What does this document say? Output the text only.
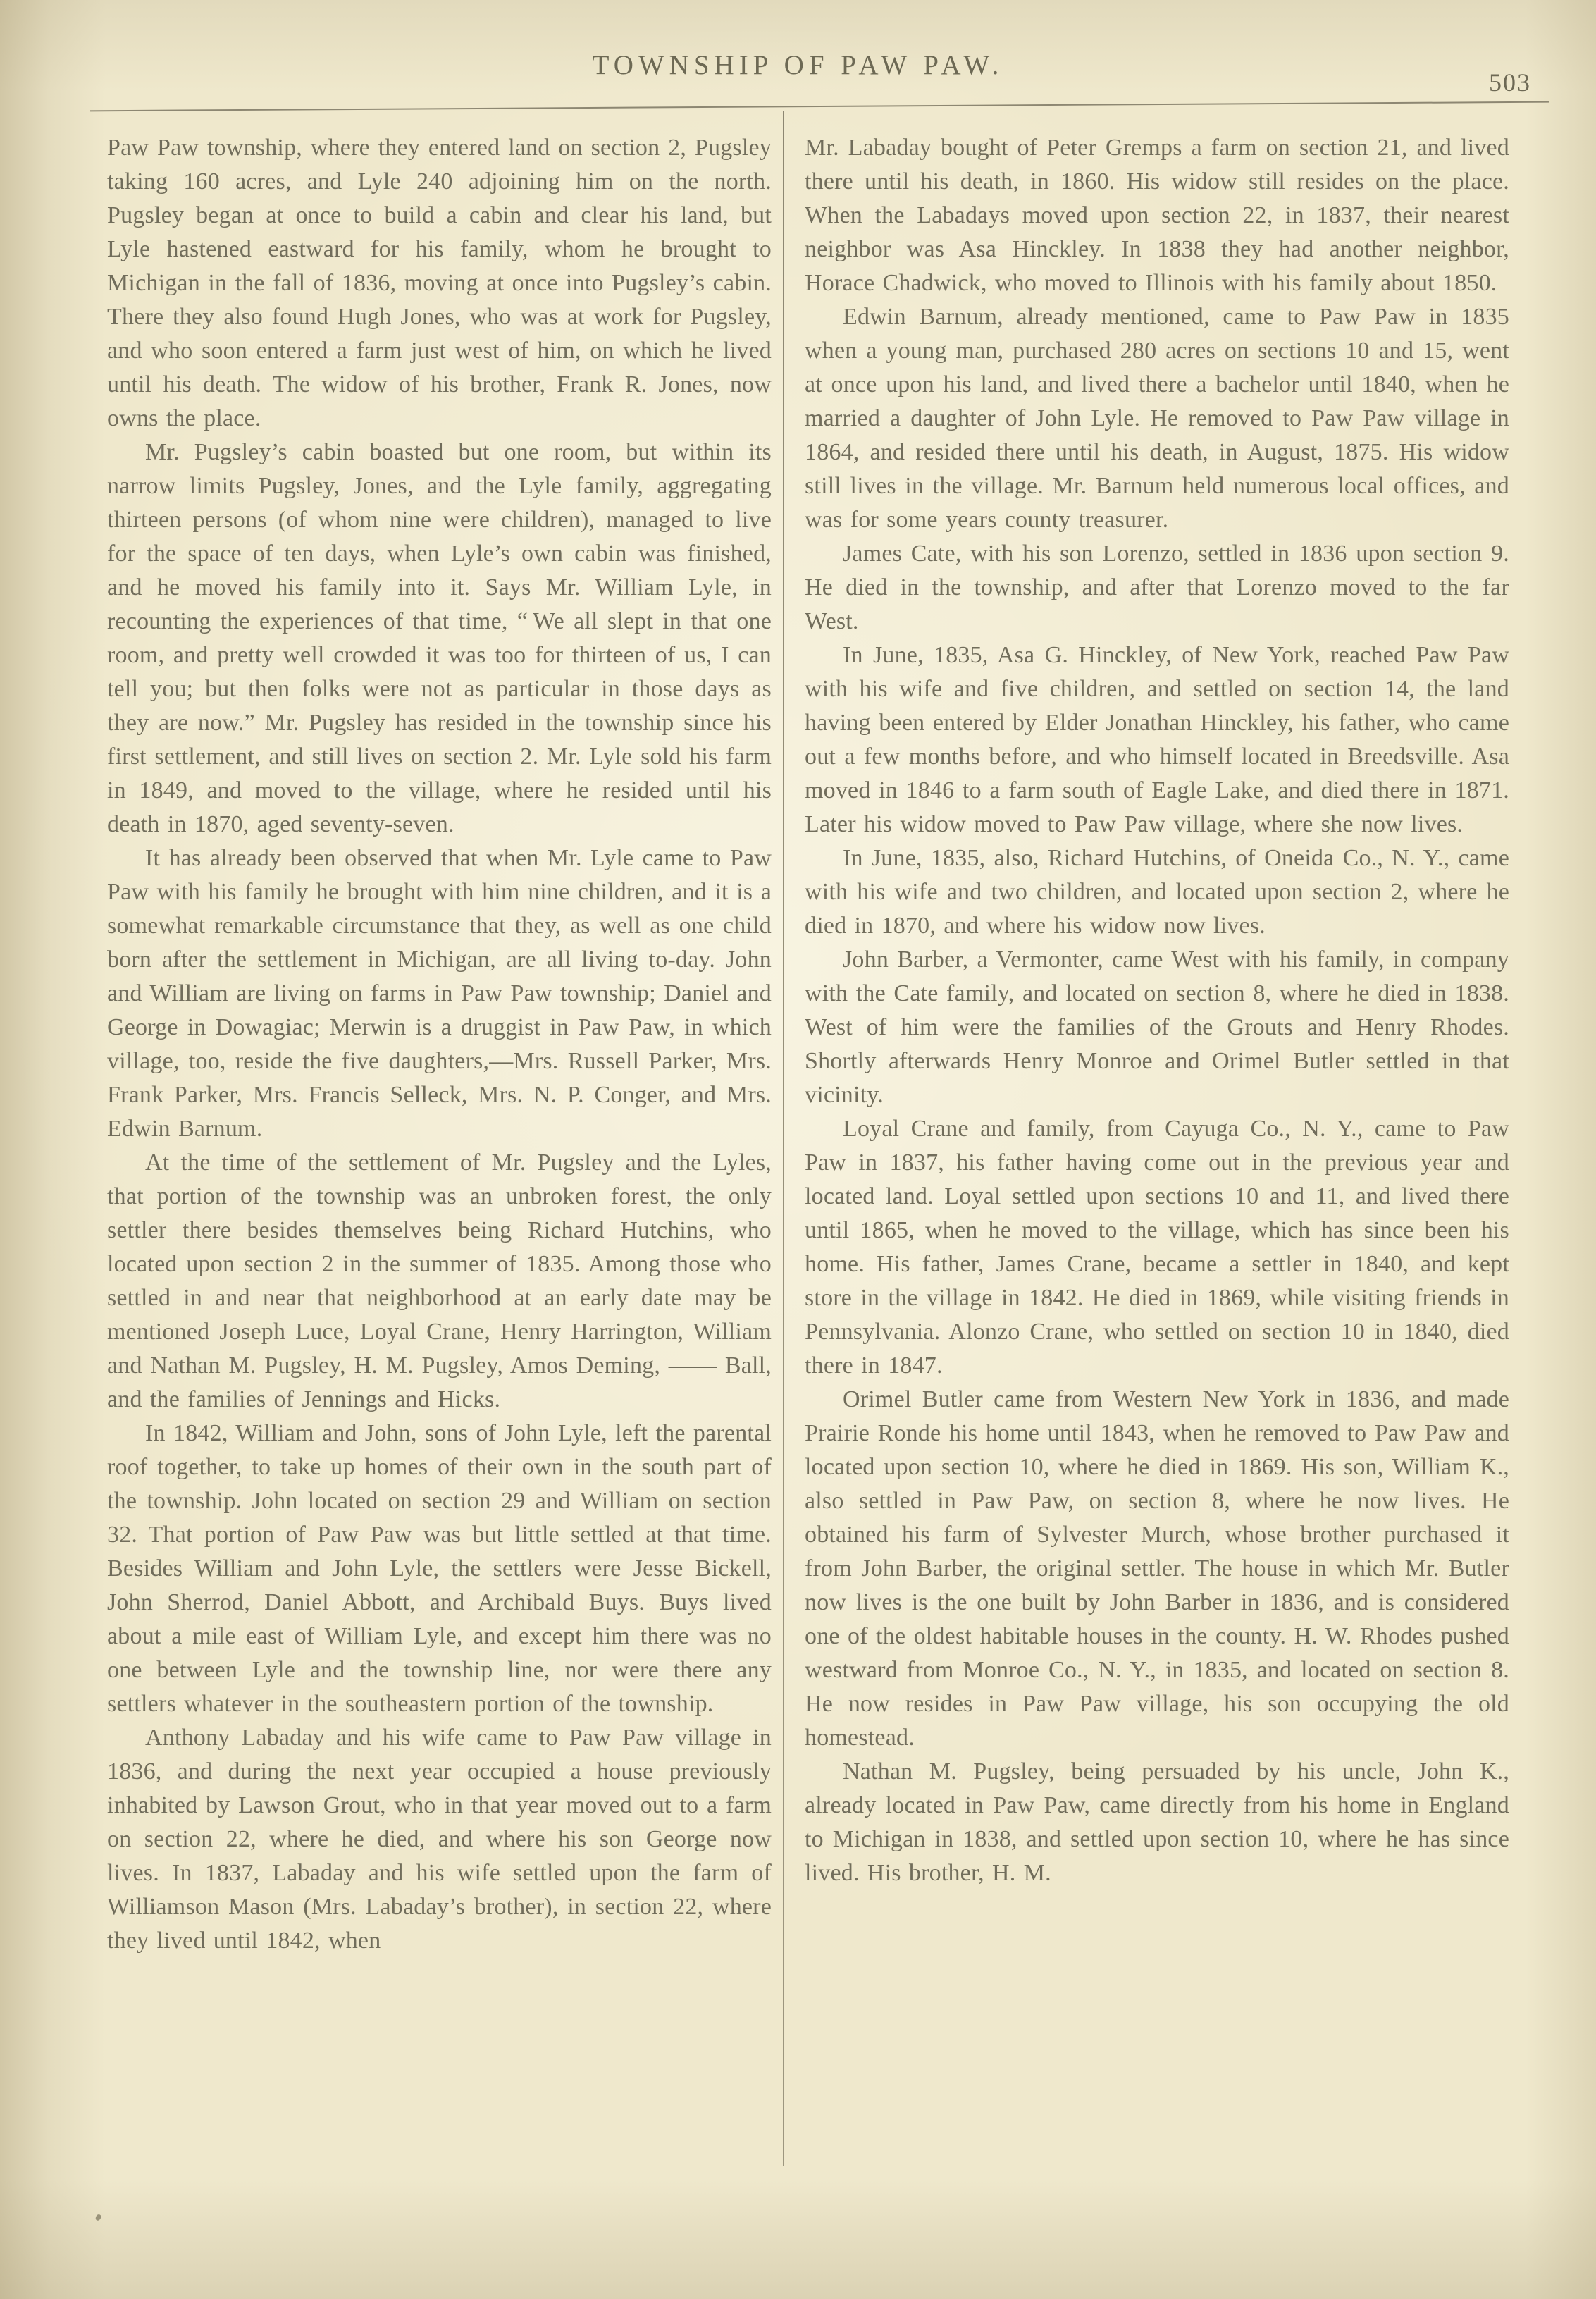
TOWNSHIP OF PAW PAW.
503

Paw Paw township, where they entered land on section 2, Pugsley taking 160 acres, and Lyle 240 adjoining him on the north. Pugsley began at once to build a cabin and clear his land, but Lyle hastened eastward for his family, whom he brought to Michigan in the fall of 1836, moving at once into Pugsley’s cabin. There they also found Hugh Jones, who was at work for Pugsley, and who soon entered a farm just west of him, on which he lived until his death. The widow of his brother, Frank R. Jones, now owns the place.

Mr. Pugsley’s cabin boasted but one room, but within its narrow limits Pugsley, Jones, and the Lyle family, aggregating thirteen persons (of whom nine were children), managed to live for the space of ten days, when Lyle’s own cabin was finished, and he moved his family into it. Says Mr. William Lyle, in recounting the experiences of that time, “ We all slept in that one room, and pretty well crowded it was too for thirteen of us, I can tell you; but then folks were not as particular in those days as they are now.” Mr. Pugsley has resided in the township since his first settlement, and still lives on section 2. Mr. Lyle sold his farm in 1849, and moved to the village, where he resided until his death in 1870, aged seventy-seven.

It has already been observed that when Mr. Lyle came to Paw Paw with his family he brought with him nine children, and it is a somewhat remarkable circumstance that they, as well as one child born after the settlement in Michigan, are all living to-day. John and William are living on farms in Paw Paw township; Daniel and George in Dowagiac; Merwin is a druggist in Paw Paw, in which village, too, reside the five daughters,—Mrs. Russell Parker, Mrs. Frank Parker, Mrs. Francis Selleck, Mrs. N. P. Conger, and Mrs. Edwin Barnum.

At the time of the settlement of Mr. Pugsley and the Lyles, that portion of the township was an unbroken forest, the only settler there besides themselves being Richard Hutchins, who located upon section 2 in the summer of 1835. Among those who settled in and near that neighborhood at an early date may be mentioned Joseph Luce, Loyal Crane, Henry Harrington, William and Nathan M. Pugsley, H. M. Pugsley, Amos Deming, —— Ball, and the families of Jennings and Hicks.

In 1842, William and John, sons of John Lyle, left the parental roof together, to take up homes of their own in the south part of the township. John located on section 29 and William on section 32. That portion of Paw Paw was but little settled at that time. Besides William and John Lyle, the settlers were Jesse Bickell, John Sherrod, Daniel Abbott, and Archibald Buys. Buys lived about a mile east of William Lyle, and except him there was no one between Lyle and the township line, nor were there any settlers whatever in the southeastern portion of the township.

Anthony Labaday and his wife came to Paw Paw village in 1836, and during the next year occupied a house previously inhabited by Lawson Grout, who in that year moved out to a farm on section 22, where he died, and where his son George now lives. In 1837, Labaday and his wife settled upon the farm of Williamson Mason (Mrs. Labaday’s brother), in section 22, where they lived until 1842, when

Mr. Labaday bought of Peter Gremps a farm on section 21, and lived there until his death, in 1860. His widow still resides on the place. When the Labadays moved upon section 22, in 1837, their nearest neighbor was Asa Hinckley. In 1838 they had another neighbor, Horace Chadwick, who moved to Illinois with his family about 1850.

Edwin Barnum, already mentioned, came to Paw Paw in 1835 when a young man, purchased 280 acres on sections 10 and 15, went at once upon his land, and lived there a bachelor until 1840, when he married a daughter of John Lyle. He removed to Paw Paw village in 1864, and resided there until his death, in August, 1875. His widow still lives in the village. Mr. Barnum held numerous local offices, and was for some years county treasurer.

James Cate, with his son Lorenzo, settled in 1836 upon section 9. He died in the township, and after that Lorenzo moved to the far West.

In June, 1835, Asa G. Hinckley, of New York, reached Paw Paw with his wife and five children, and settled on section 14, the land having been entered by Elder Jonathan Hinckley, his father, who came out a few months before, and who himself located in Breedsville. Asa moved in 1846 to a farm south of Eagle Lake, and died there in 1871. Later his widow moved to Paw Paw village, where she now lives.

In June, 1835, also, Richard Hutchins, of Oneida Co., N. Y., came with his wife and two children, and located upon section 2, where he died in 1870, and where his widow now lives.

John Barber, a Vermonter, came West with his family, in company with the Cate family, and located on section 8, where he died in 1838. West of him were the families of the Grouts and Henry Rhodes. Shortly afterwards Henry Monroe and Orimel Butler settled in that vicinity.

Loyal Crane and family, from Cayuga Co., N. Y., came to Paw Paw in 1837, his father having come out in the previous year and located land. Loyal settled upon sections 10 and 11, and lived there until 1865, when he moved to the village, which has since been his home. His father, James Crane, became a settler in 1840, and kept store in the village in 1842. He died in 1869, while visiting friends in Pennsylvania. Alonzo Crane, who settled on section 10 in 1840, died there in 1847.

Orimel Butler came from Western New York in 1836, and made Prairie Ronde his home until 1843, when he removed to Paw Paw and located upon section 10, where he died in 1869. His son, William K., also settled in Paw Paw, on section 8, where he now lives. He obtained his farm of Sylvester Murch, whose brother purchased it from John Barber, the original settler. The house in which Mr. Butler now lives is the one built by John Barber in 1836, and is considered one of the oldest habitable houses in the county. H. W. Rhodes pushed westward from Monroe Co., N. Y., in 1835, and located on section 8. He now resides in Paw Paw village, his son occupying the old homestead.

Nathan M. Pugsley, being persuaded by his uncle, John K., already located in Paw Paw, came directly from his home in England to Michigan in 1838, and settled upon section 10, where he has since lived. His brother, H. M.
